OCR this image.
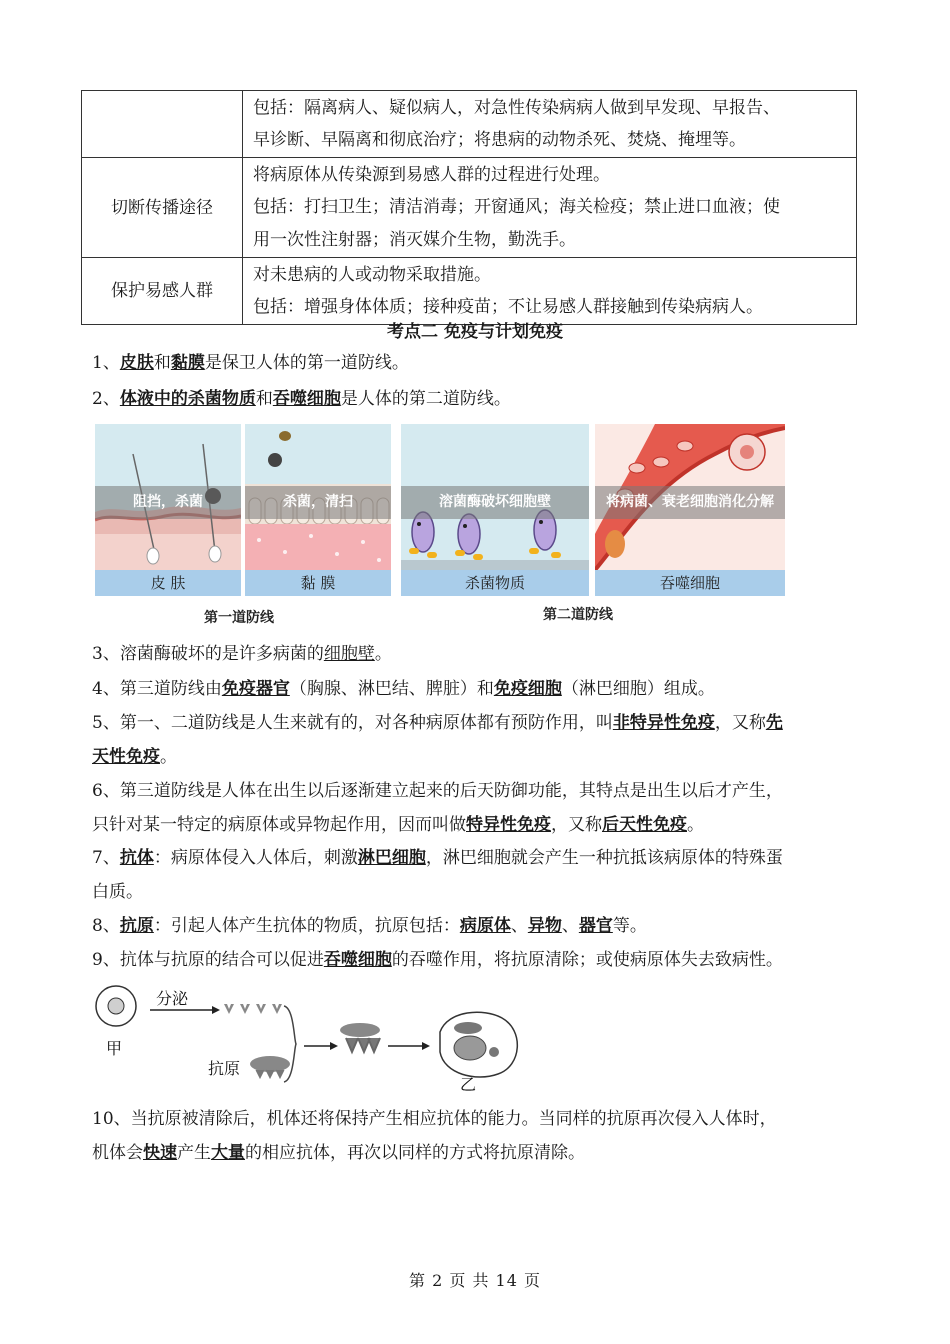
	包括：隔离病人、疑似病人，对急性传染病病人做到早发现、早报告、
早诊断、早隔离和彻底治疗；将患病的动物杀死、焚烧、掩埋等。

切断传播途径	将病原体从传染源到易感人群的过程进行处理。
包括：打扫卫生；清洁消毒；开窗通风；海关检疫；禁止进口血液；使
用一次性注射器；消灭媒介生物，勤洗手。

保护易感人群	对未患病的人或动物采取措施。
包括：增强身体体质；接种疫苗；不让易感人群接触到传染病病人。
考点二 免疫与计划免疫
1、皮肤和黏膜是保卫人体的第一道防线。
2、体液中的杀菌物质和吞噬细胞是人体的第二道防线。
阻挡，杀菌
皮 肤
杀菌，清扫
黏 膜
溶菌酶破坏细胞壁
杀菌物质
将病菌、衰老细胞消化分解
吞噬细胞
第一道防线	第二道防线
3、溶菌酶破坏的是许多病菌的细胞壁。
4、第三道防线由免疫器官（胸腺、淋巴结、脾脏）和免疫细胞（淋巴细胞）组成。
5、第一、二道防线是人生来就有的，对各种病原体都有预防作用，叫非特异性免疫，又称先
天性免疫。
6、第三道防线是人体在出生以后逐渐建立起来的后天防御功能，其特点是出生以后才产生，
只针对某一特定的病原体或异物起作用，因而叫做特异性免疫，又称后天性免疫。
7、抗体：病原体侵入人体后，刺激淋巴细胞，淋巴细胞就会产生一种抗抵该病原体的特殊蛋
白质。
8、抗原：引起人体产生抗体的物质，抗原包括：病原体、异物、器官等。
9、抗体与抗原的结合可以促进吞噬细胞的吞噬作用，将抗原清除；或使病原体失去致病性。
甲
分泌
抗原
乙
10、当抗原被清除后，机体还将保持产生相应抗体的能力。当同样的抗原再次侵入人体时，
机体会快速产生大量的相应抗体，再次以同样的方式将抗原清除。
第 2 页 共 14 页
